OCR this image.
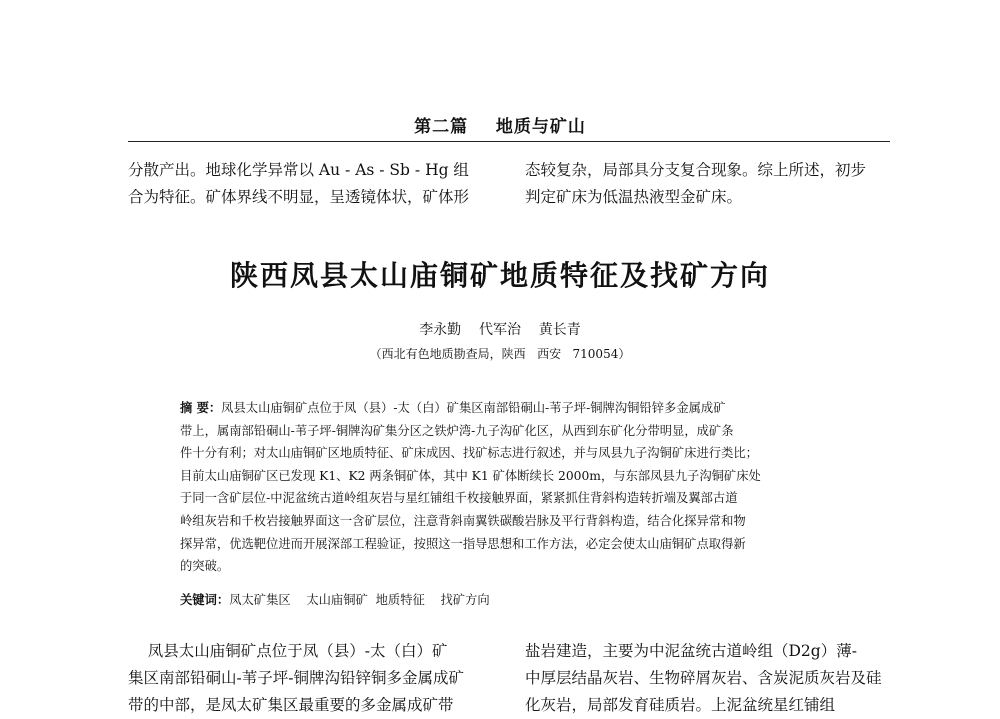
第二篇    地质与矿山
分散产出。地球化学异常以 Au - As - Sb - Hg 组
合为特征。矿体界线不明显，呈透镜体状，矿体形
态较复杂，局部具分支复合现象。综上所述，初步
判定矿床为低温热液型金矿床。
陕西凤县太山庙铜矿地质特征及找矿方向
李永勤    代军治    黄长青
（西北有色地质勘查局，陕西   西安   710054）
摘 要：凤县太山庙铜矿点位于凤（县）-太（白）矿集区南部铅硐山-苇子坪-铜牌沟铜铅锌多金属成矿
带上，属南部铅硐山-苇子坪-铜牌沟矿集分区之铁炉湾-九子沟矿化区，从西到东矿化分带明显，成矿条
件十分有利；对太山庙铜矿区地质特征、矿床成因、找矿标志进行叙述，并与凤县九子沟铜矿床进行类比；
目前太山庙铜矿区已发现 K1、K2 两条铜矿体，其中 K1 矿体断续长 2000m，与东部凤县九子沟铜矿床处
于同一含矿层位-中泥盆统古道岭组灰岩与星红铺组千枚接触界面，紧紧抓住背斜构造转折端及翼部古道
岭组灰岩和千枚岩接触界面这一含矿层位，注意背斜南翼铁碳酸岩脉及平行背斜构造，结合化探异常和物
探异常，优选靶位进而开展深部工程验证，按照这一指导思想和工作方法，必定会使太山庙铜矿点取得新
的突破。
关键词：凤太矿集区    太山庙铜矿  地质特征    找矿方向
凤县太山庙铜矿点位于凤（县）-太（白）矿
集区南部铅硐山-苇子坪-铜牌沟铅锌铜多金属成矿
带的中部，是凤太矿集区最重要的多金属成矿带
盐岩建造，主要为中泥盆统古道岭组（D2g）薄-
中厚层结晶灰岩、生物碎屑灰岩、含炭泥质灰岩及硅
化灰岩，局部发育硅质岩。上泥盆统星红铺组
